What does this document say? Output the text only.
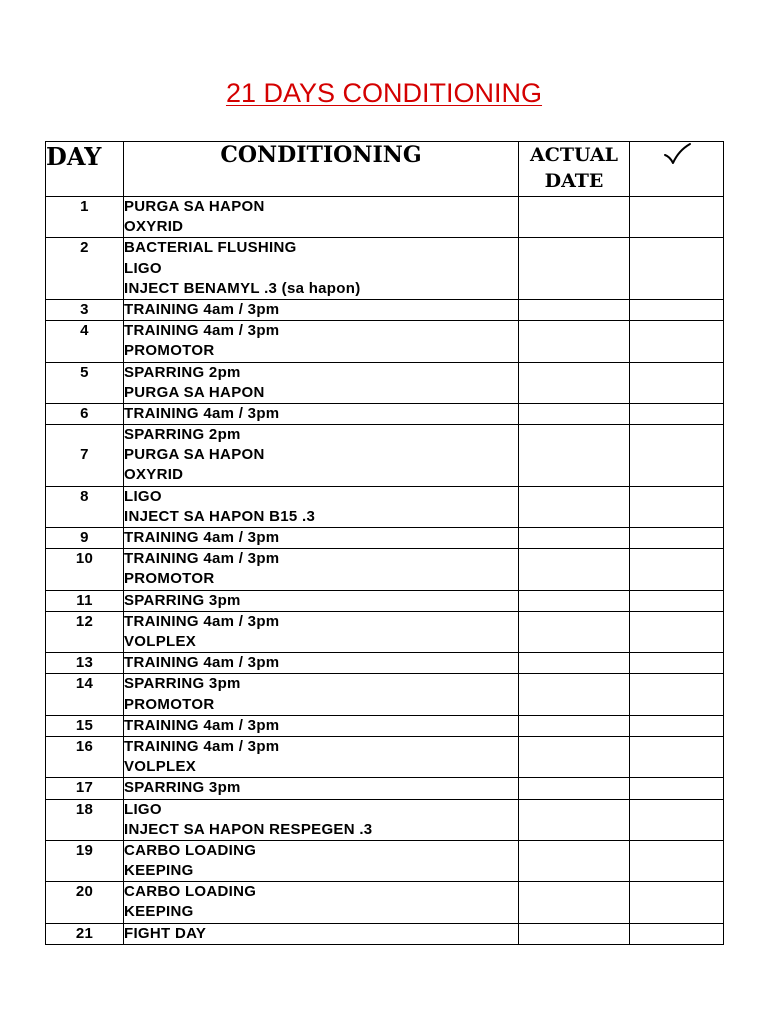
21 DAYS CONDITIONING
DAY	CONDITIONING	ACTUAL
DATE

1	PURGA SA HAPON
OXYRID		

2	BACTERIAL FLUSHING
LIGO
INJECT BENAMYL .3 (sa hapon)		

3	TRAINING 4am / 3pm		

4	TRAINING 4am / 3pm
PROMOTOR		

5	SPARRING 2pm
PURGA SA HAPON		

6	TRAINING 4am / 3pm		

7	SPARRING 2pm
PURGA SA HAPON
OXYRID		

8	LIGO
INJECT SA HAPON B15 .3		

9	TRAINING 4am / 3pm		

10	TRAINING 4am / 3pm
PROMOTOR		

11	SPARRING 3pm		

12	TRAINING 4am / 3pm
VOLPLEX		

13	TRAINING 4am / 3pm		

14	SPARRING 3pm
PROMOTOR		

15	TRAINING 4am / 3pm		

16	TRAINING 4am / 3pm
VOLPLEX		

17	SPARRING 3pm		

18	LIGO
INJECT SA HAPON RESPEGEN .3		

19	CARBO LOADING
KEEPING		

20	CARBO LOADING
KEEPING		

21	FIGHT DAY		
